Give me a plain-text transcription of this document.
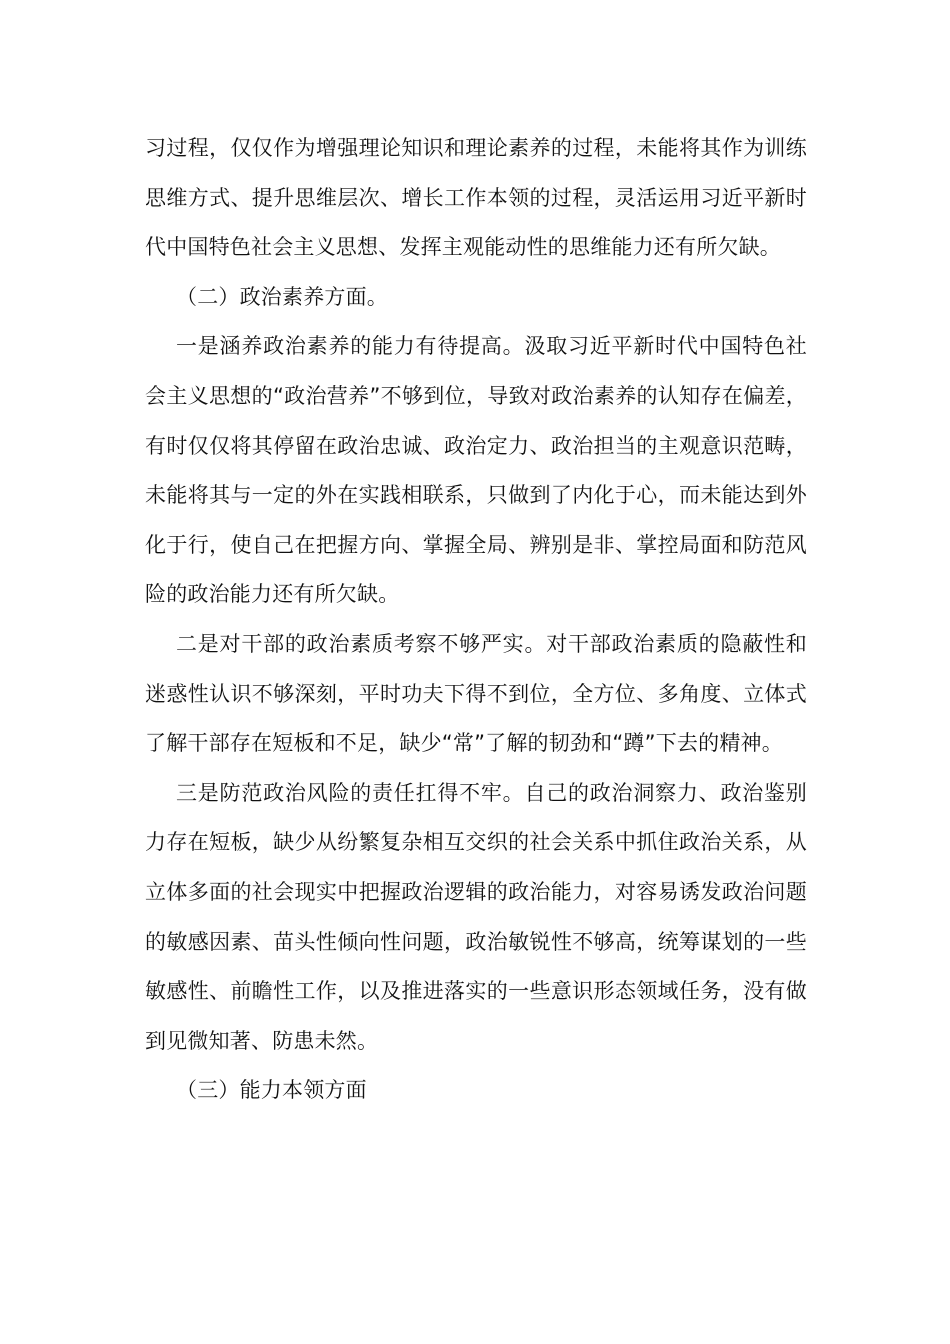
习过程，仅仅作为增强理论知识和理论素养的过程，未能将其作为训练思维方式、提升思维层次、增长工作本领的过程，灵活运用习近平新时代中国特色社会主义思想、发挥主观能动性的思维能力还有所欠缺。

（二）政治素养方面。

一是涵养政治素养的能力有待提高。汲取习近平新时代中国特色社会主义思想的“政治营养”不够到位，导致对政治素养的认知存在偏差，有时仅仅将其停留在政治忠诚、政治定力、政治担当的主观意识范畴，未能将其与一定的外在实践相联系，只做到了内化于心，而未能达到外化于行，使自己在把握方向、掌握全局、辨别是非、掌控局面和防范风险的政治能力还有所欠缺。

二是对干部的政治素质考察不够严实。对干部政治素质的隐蔽性和迷惑性认识不够深刻，平时功夫下得不到位，全方位、多角度、立体式了解干部存在短板和不足，缺少“常”了解的韧劲和“蹲”下去的精神。

三是防范政治风险的责任扛得不牢。自己的政治洞察力、政治鉴别力存在短板，缺少从纷繁复杂相互交织的社会关系中抓住政治关系，从立体多面的社会现实中把握政治逻辑的政治能力，对容易诱发政治问题的敏感因素、苗头性倾向性问题，政治敏锐性不够高，统筹谋划的一些敏感性、前瞻性工作，以及推进落实的一些意识形态领域任务，没有做到见微知著、防患未然。

（三）能力本领方面
